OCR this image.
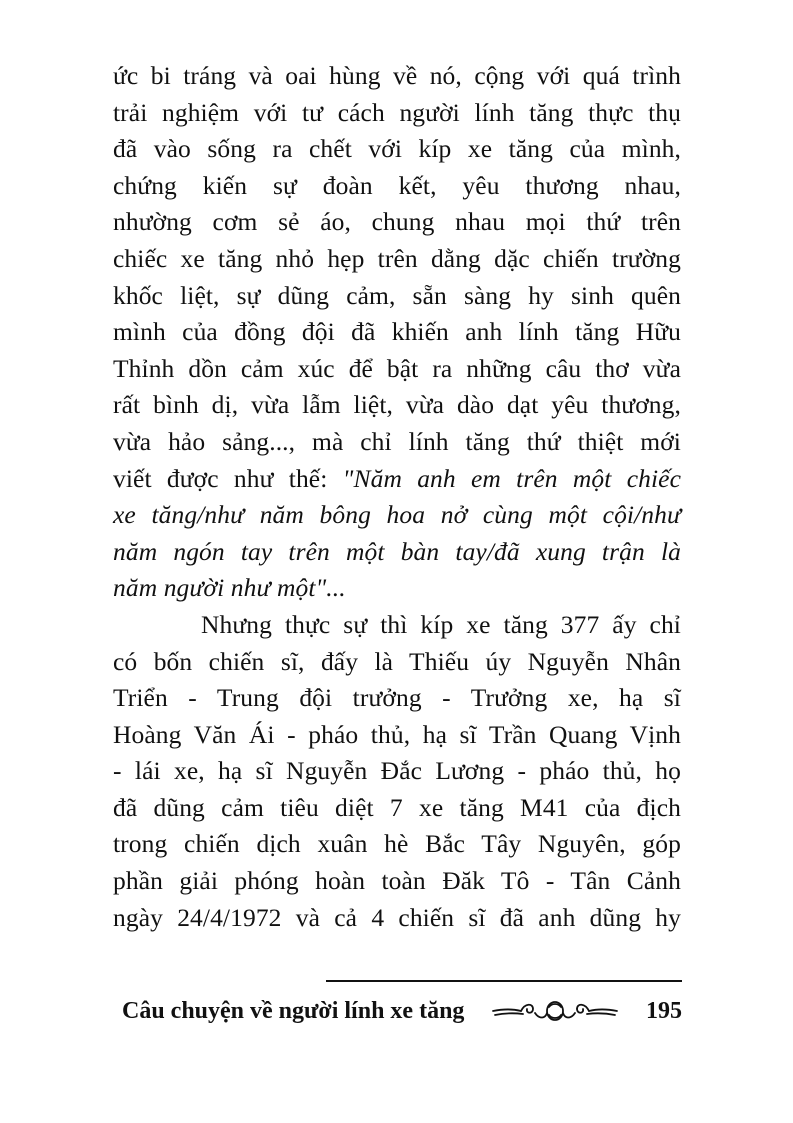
ức bi tráng và oai hùng về nó, cộng với quá trình
trải nghiệm với tư cách người lính tăng thực thụ
đã vào sống ra chết với kíp xe tăng của mình,
chứng kiến sự đoàn kết, yêu thương nhau,
nhường cơm sẻ áo, chung nhau mọi thứ trên
chiếc xe tăng nhỏ hẹp trên dằng dặc chiến trường
khốc liệt, sự dũng cảm, sẵn sàng hy sinh quên
mình của đồng đội đã khiến anh lính tăng Hữu
Thỉnh dồn cảm xúc để bật ra những câu thơ vừa
rất bình dị, vừa lẫm liệt, vừa dào dạt yêu thương,
vừa hảo sảng..., mà chỉ lính tăng thứ thiệt mới
viết được như thế: "Năm anh em trên một chiếc
xe tăng/như năm bông hoa nở cùng một cội/như
năm ngón tay trên một bàn tay/đã xung trận là
năm người như một"...
Nhưng thực sự thì kíp xe tăng 377 ấy chỉ
có bốn chiến sĩ, đấy là Thiếu úy Nguyễn Nhân
Triển - Trung đội trưởng - Trưởng xe, hạ sĩ
Hoàng Văn Ái - pháo thủ, hạ sĩ Trần Quang Vịnh
- lái xe, hạ sĩ Nguyễn Đắc Lương - pháo thủ, họ
đã dũng cảm tiêu diệt 7 xe tăng M41 của địch
trong chiến dịch xuân hè Bắc Tây Nguyên, góp
phần giải phóng hoàn toàn Đăk Tô - Tân Cảnh
ngày 24/4/1972 và cả 4 chiến sĩ đã anh dũng hy
Câu chuyện về người lính xe tăng	195
